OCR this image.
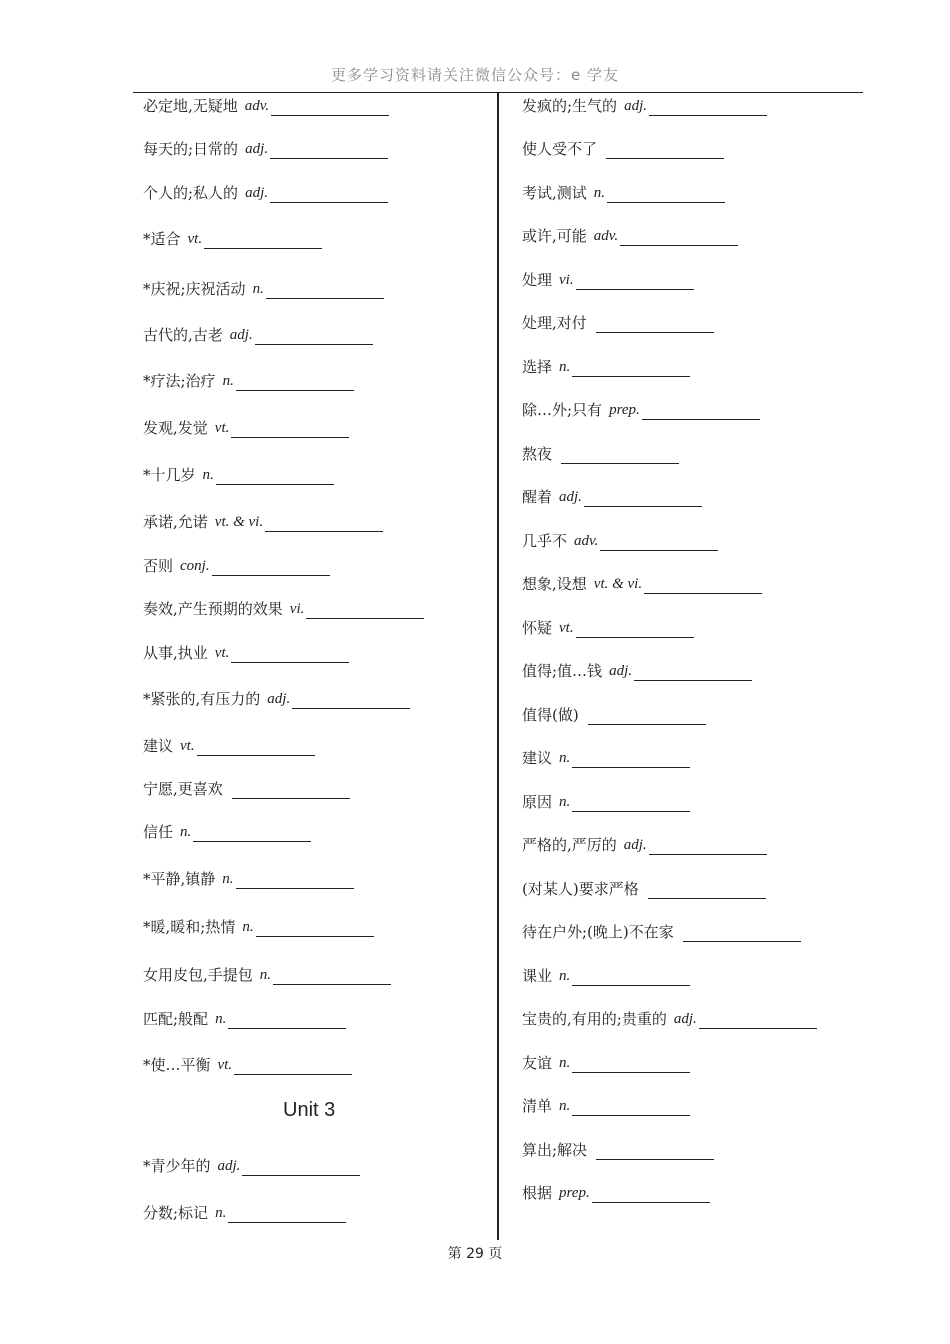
更多学习资料请关注微信公众号：e 学友
必定地,无疑地 adv.
每天的;日常的 adj.
个人的;私人的 adj.
*适合 vt.
*庆祝;庆祝活动 n.
古代的,古老 adj.
*疗法;治疗 n.
发观,发觉 vt.
*十几岁 n.
承诺,允诺 vt. & vi.
否则 conj.
奏效,产生预期的效果 vi.
从事,执业 vt.
*紧张的,有压力的 adj.
建议 vt.
宁愿,更喜欢
信任 n.
*平静,镇静 n.
*暖,暖和;热情 n.
女用皮包,手提包 n.
匹配;般配 n.
*使…平衡 vt.
Unit 3
*青少年的 adj.
分数;标记 n.
发疯的;生气的 adj.
使人受不了
考试,测试 n.
或许,可能 adv.
处理 vi.
处理,对付
选择 n.
除…外;只有 prep.
熬夜
醒着 adj.
几乎不 adv.
想象,设想 vt. & vi.
怀疑 vt.
值得;值…钱 adj.
值得(做)
建议 n.
原因 n.
严格的,严厉的 adj.
(对某人)要求严格
待在户外;(晚上)不在家
课业 n.
宝贵的,有用的;贵重的 adj.
友谊 n.
清单 n.
算出;解决
根据 prep.
第 29 页
